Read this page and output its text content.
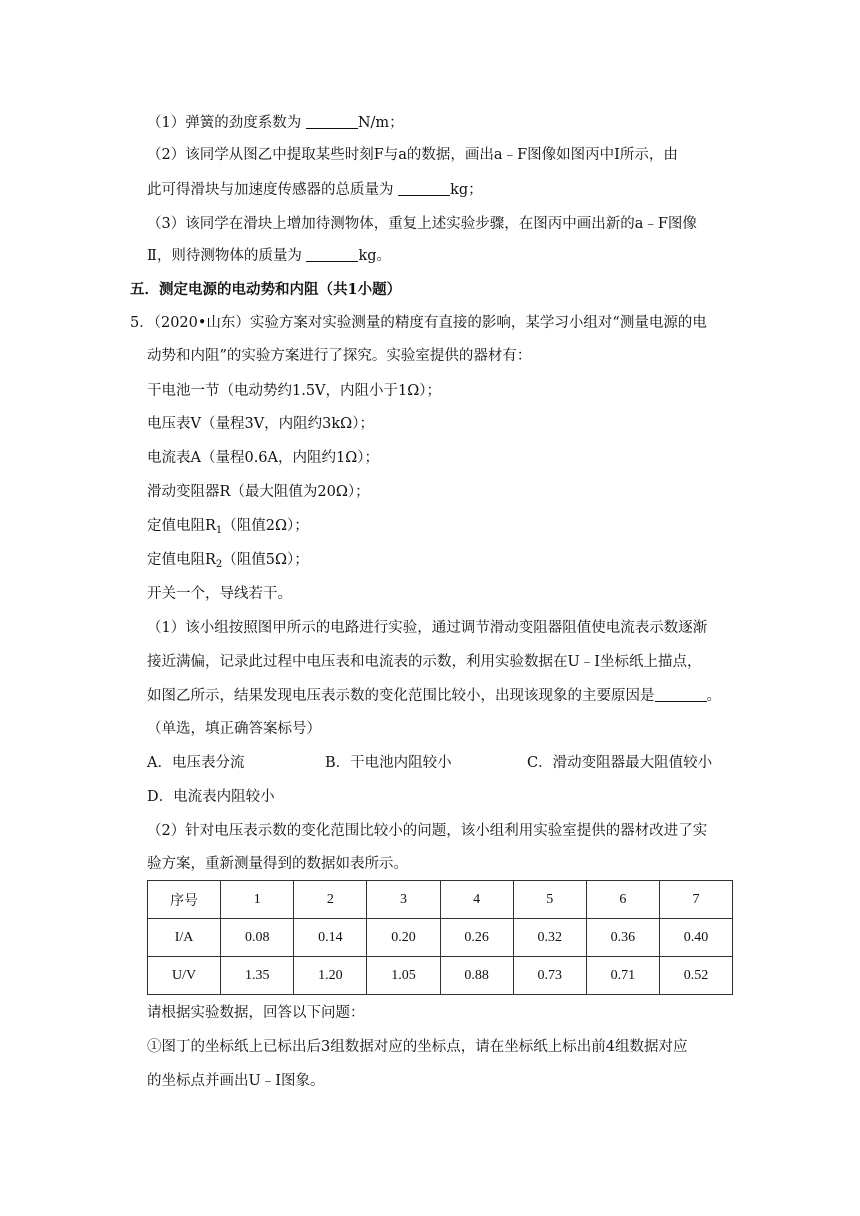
（1）弹簧的劲度系数为	N/m；
（2）该同学从图乙中提取某些时刻F与a的数据，画出a﹣F图像如图丙中Ⅰ所示，由
此可得滑块与加速度传感器的总质量为	kg；
（3）该同学在滑块上增加待测物体，重复上述实验步骤，在图丙中画出新的a﹣F图像
Ⅱ，则待测物体的质量为	kg。
五．测定电源的电动势和内阻（共1小题）
5．（2020•山东）实验方案对实验测量的精度有直接的影响，某学习小组对“测量电源的电
动势和内阻”的实验方案进行了探究。实验室提供的器材有：
干电池一节（电动势约1.5V，内阻小于1Ω）；
电压表V（量程3V，内阻约3kΩ）；
电流表A（量程0.6A，内阻约1Ω）；
滑动变阻器R（最大阻值为20Ω）；
定值电阻$R_1$（阻值2Ω）；
定值电阻$R_2$（阻值5Ω）；
开关一个，导线若干。
（1）该小组按照图甲所示的电路进行实验，通过调节滑动变阻器阻值使电流表示数逐渐
接近满偏，记录此过程中电压表和电流表的示数，利用实验数据在U﹣I坐标纸上描点，
如图乙所示，结果发现电压表示数的变化范围比较小，出现该现象的主要原因是	。
（单选，填正确答案标号）
A．电压表分流	B．干电池内阻较小	C．滑动变阻器最大阻值较小
D．电流表内阻较小
（2）针对电压表示数的变化范围比较小的问题，该小组利用实验室提供的器材改进了实
验方案，重新测量得到的数据如表所示。
序号	1	2	3	4	5	6	7
I/A	0.08	0.14	0.20	0.26	0.32	0.36	0.40
U/V	1.35	1.20	1.05	0.88	0.73	0.71	0.52
请根据实验数据，回答以下问题：
①图丁的坐标纸上已标出后3组数据对应的坐标点，请在坐标纸上标出前4组数据对应
的坐标点并画出U﹣I图象。
